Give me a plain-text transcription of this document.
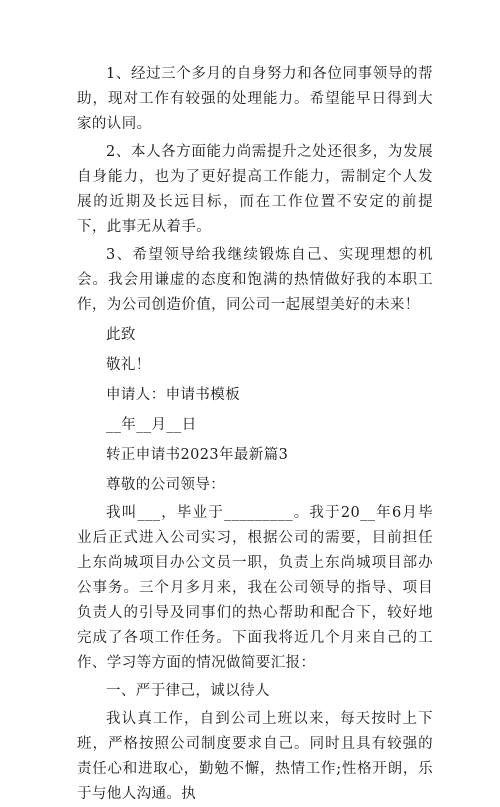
1、经过三个多月的自身努力和各位同事领导的帮助，现对工作有较强的处理能力。希望能早日得到大家的认同。

2、本人各方面能力尚需提升之处还很多，为发展自身能力，也为了更好提高工作能力，需制定个人发展的近期及长远目标，而在工作位置不安定的前提下，此事无从着手。

3、希望领导给我继续锻炼自己、实现理想的机会。我会用谦虚的态度和饱满的热情做好我的本职工作，为公司创造价值，同公司一起展望美好的未来！

此致

敬礼！

申请人：申请书模板

__年__月__日

转正申请书2023年最新篇3

尊敬的公司领导：

我叫___，毕业于_________。我于20__年6月毕业后正式进入公司实习，根据公司的需要，目前担任上东尚城项目办公文员一职，负责上东尚城项目部办公事务。三个月多月来，我在公司领导的指导、项目负责人的引导及同事们的热心帮助和配合下，较好地完成了各项工作任务。下面我将近几个月来自己的工作、学习等方面的情况做简要汇报：

一、严于律己，诚以待人

我认真工作，自到公司上班以来，每天按时上下班，严格按照公司制度要求自己。同时且具有较强的责任心和进取心，勤勉不懈，热情工作;性格开朗，乐于与他人沟通。执
